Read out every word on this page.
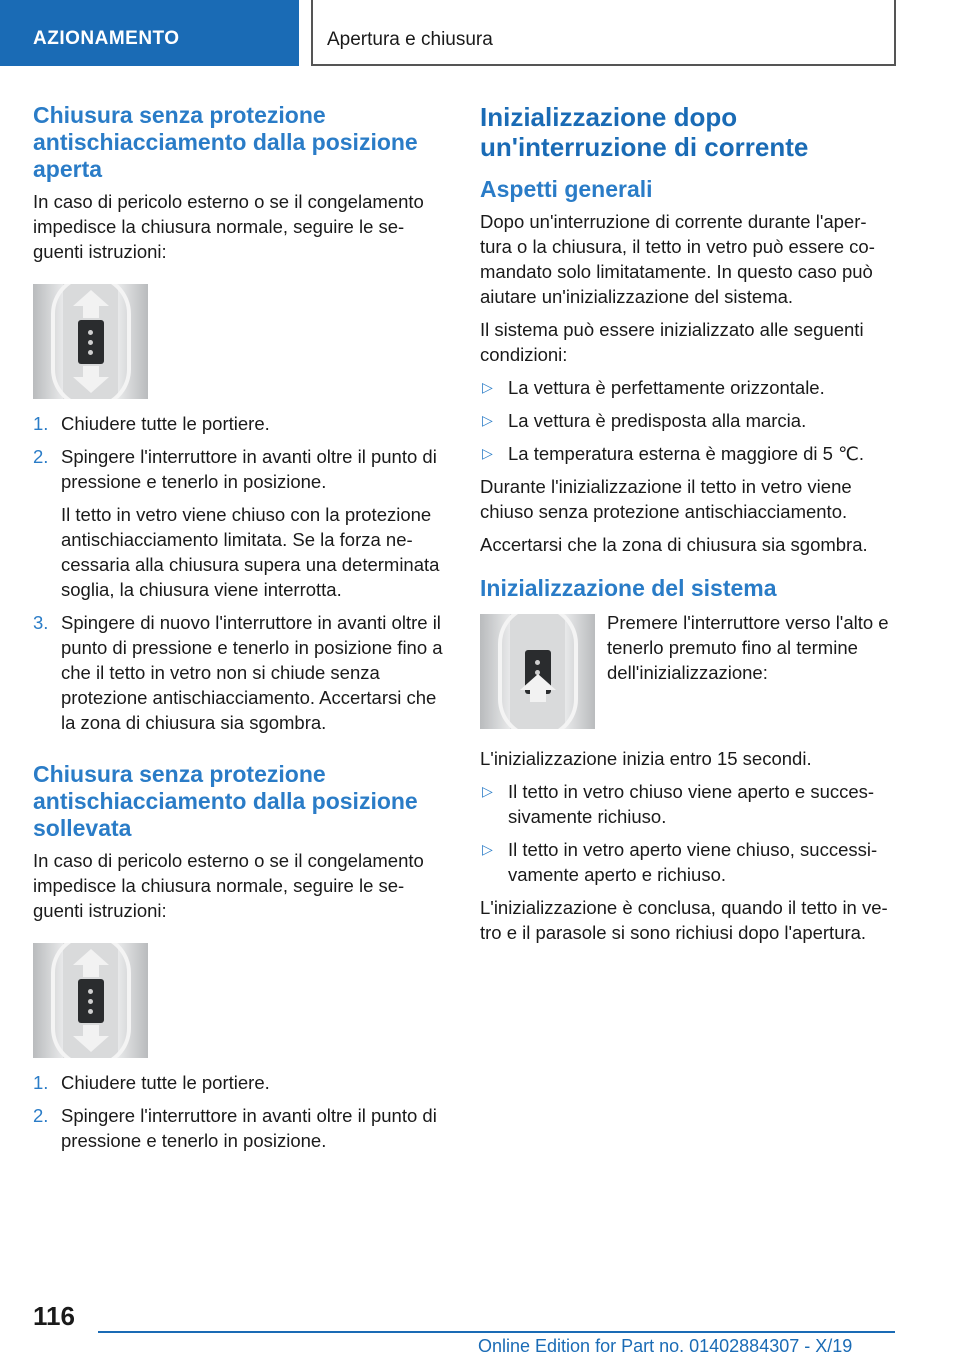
AZIONAMENTO	Apertura e chiusura
Chiusura senza protezione antischiacciamento dalla posizione aperta

In caso di pericolo esterno o se il congelamento impedisce la chiusura normale, seguire le se-guenti istruzioni:

1. Chiudere tutte le portiere.
2. Spingere l'interruttore in avanti oltre il punto di pressione e tenerlo in posizione.
Il tetto in vetro viene chiuso con la protezione antischiacciamento limitata. Se la forza ne-cessaria alla chiusura supera una determinata soglia, la chiusura viene interrotta.
3. Spingere di nuovo l'interruttore in avanti oltre il punto di pressione e tenerlo in posizione fino a che il tetto in vetro non si chiude senza protezione antischiacciamento. Accertarsi che la zona di chiusura sia sgombra.
Chiusura senza protezione antischiacciamento dalla posizione sollevata

In caso di pericolo esterno o se il congelamento impedisce la chiusura normale, seguire le se-guenti istruzioni:

1. Chiudere tutte le portiere.
2. Spingere l'interruttore in avanti oltre il punto di pressione e tenerlo in posizione.
Inizializzazione dopo un'interruzione di corrente
Aspetti generali

Dopo un'interruzione di corrente durante l'aper-tura o la chiusura, il tetto in vetro può essere co-mandato solo limitatamente. In questo caso può aiutare un'inizializzazione del sistema.

Il sistema può essere inizializzato alle seguenti condizioni:

▷ La vettura è perfettamente orizzontale.
▷ La vettura è predisposta alla marcia.
▷ La temperatura esterna è maggiore di 5 ℃.

Durante l'inizializzazione il tetto in vetro viene chiuso senza protezione antischiacciamento.

Accertarsi che la zona di chiusura sia sgombra.

Inizializzazione del sistema

Premere l'interruttore verso l'alto e tenerlo premuto fino al termine dell'inizializzazione:

L'inizializzazione inizia entro 15 secondi.

▷ Il tetto in vetro chiuso viene aperto e succes-sivamente richiuso.
▷ Il tetto in vetro aperto viene chiuso, successi-vamente aperto e richiuso.

L'inizializzazione è conclusa, quando il tetto in ve-tro e il parasole si sono richiusi dopo l'apertura.

116
Online Edition for Part no. 01402884307 - X/19
